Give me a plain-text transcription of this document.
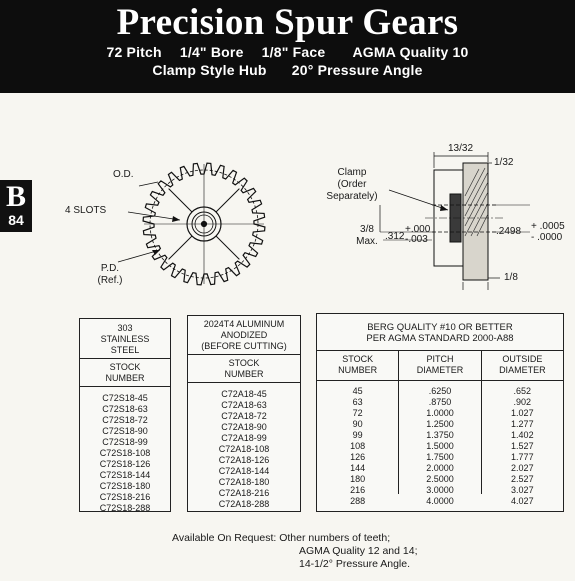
Precision Spur Gears
72 Pitch 1/4" Bore 1/8" Face AGMA Quality 10
Clamp Style Hub 20° Pressure Angle
B
84
O.D.
4 SLOTS
P.D.
(Ref.)
13/32
1/32
Clamp
(Order
Separately)
3/8
Max. .312
+.000
-.003
.2498 + .0005
- .0000
1/8
303
STAINLESS
STEEL
STOCK
NUMBER
C72S18-45
C72S18-63
C72S18-72
C72S18-90
C72S18-99
C72S18-108
C72S18-126
C72S18-144
C72S18-180
C72S18-216
C72S18-288
2024T4 ALUMINUM
ANODIZED
(BEFORE CUTTING)
STOCK
NUMBER
C72A18-45
C72A18-63
C72A18-72
C72A18-90
C72A18-99
C72A18-108
C72A18-126
C72A18-144
C72A18-180
C72A18-216
C72A18-288
BERG QUALITY #10 OR BETTER
PER AGMA STANDARD 2000-A88
STOCK
NUMBER
45
63
72
90
99
108
126
144
180
216
288
PITCH
DIAMETER
.6250
.8750
1.0000
1.2500
1.3750
1.5000
1.7500
2.0000
2.5000
3.0000
4.0000
OUTSIDE
DIAMETER
.652
.902
1.027
1.277
1.402
1.527
1.777
2.027
2.527
3.027
4.027
Available On Request: Other numbers of teeth;
AGMA Quality 12 and 14;
14-1/2° Pressure Angle.
